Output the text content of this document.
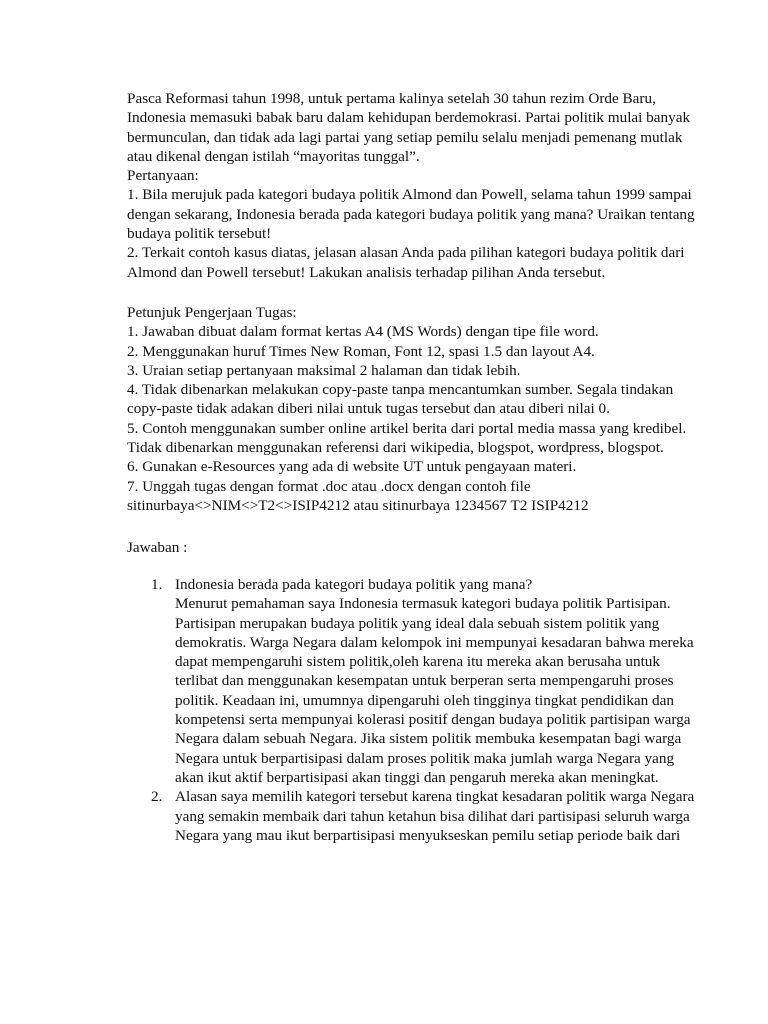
Pasca Reformasi tahun 1998, untuk pertama kalinya setelah 30 tahun rezim Orde Baru,
Indonesia memasuki babak baru dalam kehidupan berdemokrasi. Partai politik mulai banyak
bermunculan, dan tidak ada lagi partai yang setiap pemilu selalu menjadi pemenang mutlak
atau dikenal dengan istilah “mayoritas tunggal”.
Pertanyaan:
1. Bila merujuk pada kategori budaya politik Almond dan Powell, selama tahun 1999 sampai
dengan sekarang, Indonesia berada pada kategori budaya politik yang mana? Uraikan tentang
budaya politik tersebut!
2. Terkait contoh kasus diatas, jelasan alasan Anda pada pilihan kategori budaya politik dari
Almond dan Powell tersebut! Lakukan analisis terhadap pilihan Anda tersebut.
Petunjuk Pengerjaan Tugas:
1. Jawaban dibuat dalam format kertas A4 (MS Words) dengan tipe file word.
2. Menggunakan huruf Times New Roman, Font 12, spasi 1.5 dan layout A4.
3. Uraian setiap pertanyaan maksimal 2 halaman dan tidak lebih.
4. Tidak dibenarkan melakukan copy-paste tanpa mencantumkan sumber. Segala tindakan
copy-paste tidak adakan diberi nilai untuk tugas tersebut dan atau diberi nilai 0.
5. Contoh menggunakan sumber online artikel berita dari portal media massa yang kredibel.
Tidak dibenarkan menggunakan referensi dari wikipedia, blogspot, wordpress, blogspot.
6. Gunakan e-Resources yang ada di website UT untuk pengayaan materi.
7. Unggah tugas dengan format .doc atau .docx dengan contoh file
sitinurbaya<>NIM<>T2<>ISIP4212 atau sitinurbaya 1234567 T2 ISIP4212
Jawaban :
1. Indonesia berada pada kategori budaya politik yang mana?
Menurut pemahaman saya Indonesia termasuk kategori budaya politik Partisipan.
Partisipan merupakan budaya politik yang ideal dala sebuah sistem politik yang
demokratis. Warga Negara dalam kelompok ini mempunyai kesadaran bahwa mereka
dapat mempengaruhi sistem politik,oleh karena itu mereka akan berusaha untuk
terlibat dan menggunakan kesempatan untuk berperan serta mempengaruhi proses
politik. Keadaan ini, umumnya dipengaruhi oleh tingginya tingkat pendidikan dan
kompetensi serta mempunyai kolerasi positif dengan budaya politik partisipan warga
Negara dalam sebuah Negara. Jika sistem politik membuka kesempatan bagi warga
Negara untuk berpartisipasi dalam proses politik maka jumlah warga Negara yang
akan ikut aktif berpartisipasi akan tinggi dan pengaruh mereka akan meningkat.
2. Alasan saya memilih kategori tersebut karena tingkat kesadaran politik warga Negara
yang semakin membaik dari tahun ketahun bisa dilihat dari partisipasi seluruh warga
Negara yang mau ikut berpartisipasi menyukseskan pemilu setiap periode baik dari
